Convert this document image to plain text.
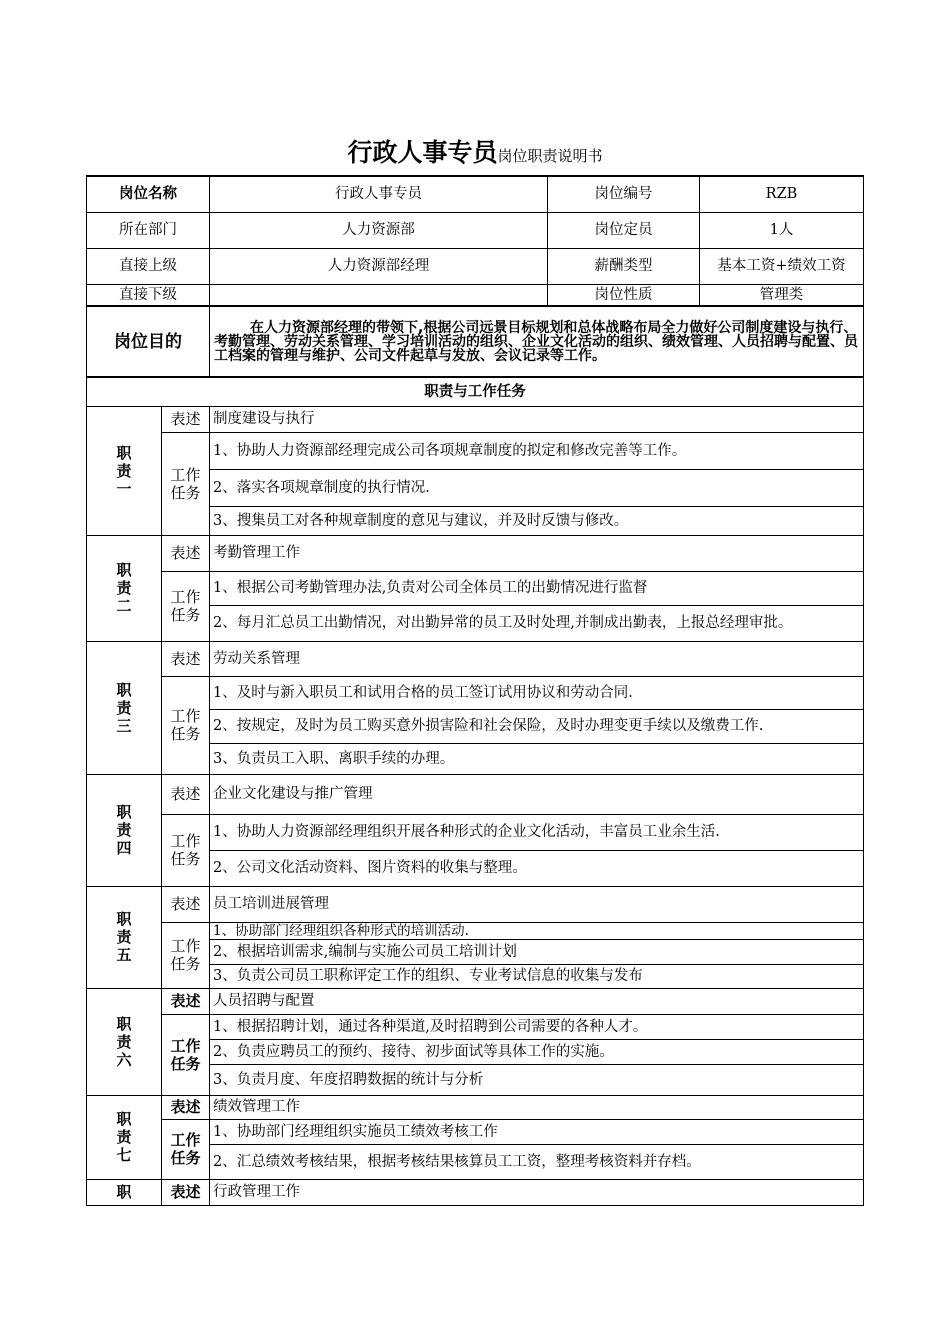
行政人事专员岗位职责说明书
岗位名称		行政人事专员	岗位编号	RZB
所在部门		人力资源部	岗位定员	1人
直接上级		人力资源部经理	薪酬类型	基本工资+绩效工资
直接下级			岗位性质	管理类
岗位目的		在人力资源部经理的带领下,根据公司远景目标规划和总体战略布局全力做好公司制度建设与执行、考勤管理、劳动关系管理、学习培训活动的组织、企业文化活动的组织、绩效管理、人员招聘与配置、员工档案的管理与维护、公司文件起草与发放、会议记录等工作。		
职责与工作任务				
职责一	表述	制度建设与执行		
	工作任务	1、协助人力资源部经理完成公司各项规章制度的拟定和修改完善等工作。		
		2、落实各项规章制度的执行情况.		
		3、搜集员工对各种规章制度的意见与建议，并及时反馈与修改。		
职责二	表述	考勤管理工作		
	工作任务	1、根据公司考勤管理办法,负责对公司全体员工的出勤情况进行监督		
		2、每月汇总员工出勤情况，对出勤异常的员工及时处理,并制成出勤表，上报总经理审批。		
职责三	表述	劳动关系管理		
	工作任务	1、及时与新入职员工和试用合格的员工签订试用协议和劳动合同.		
		2、按规定，及时为员工购买意外损害险和社会保险，及时办理变更手续以及缴费工作.		
		3、负责员工入职、离职手续的办理。		
职责四	表述	企业文化建设与推广管理		
	工作任务	1、协助人力资源部经理组织开展各种形式的企业文化活动，丰富员工业余生活.		
		2、公司文化活动资料、图片资料的收集与整理。		
职责五	表述	员工培训进展管理		
	工作任务	1、协助部门经理组织各种形式的培训活动.		
		2、根据培训需求,编制与实施公司员工培训计划		
		3、负责公司员工职称评定工作的组织、专业考试信息的收集与发布		
职责六	表述	人员招聘与配置		
	工作任务	1、根据招聘计划，通过各种渠道,及时招聘到公司需要的各种人才。		
		2、负责应聘员工的预约、接待、初步面试等具体工作的实施。		
		3、负责月度、年度招聘数据的统计与分析		
职责七	表述	绩效管理工作		
	工作任务	1、协助部门经理组织实施员工绩效考核工作		
		2、汇总绩效考核结果，根据考核结果核算员工工资，整理考核资料并存档。		
职	表述	行政管理工作		
